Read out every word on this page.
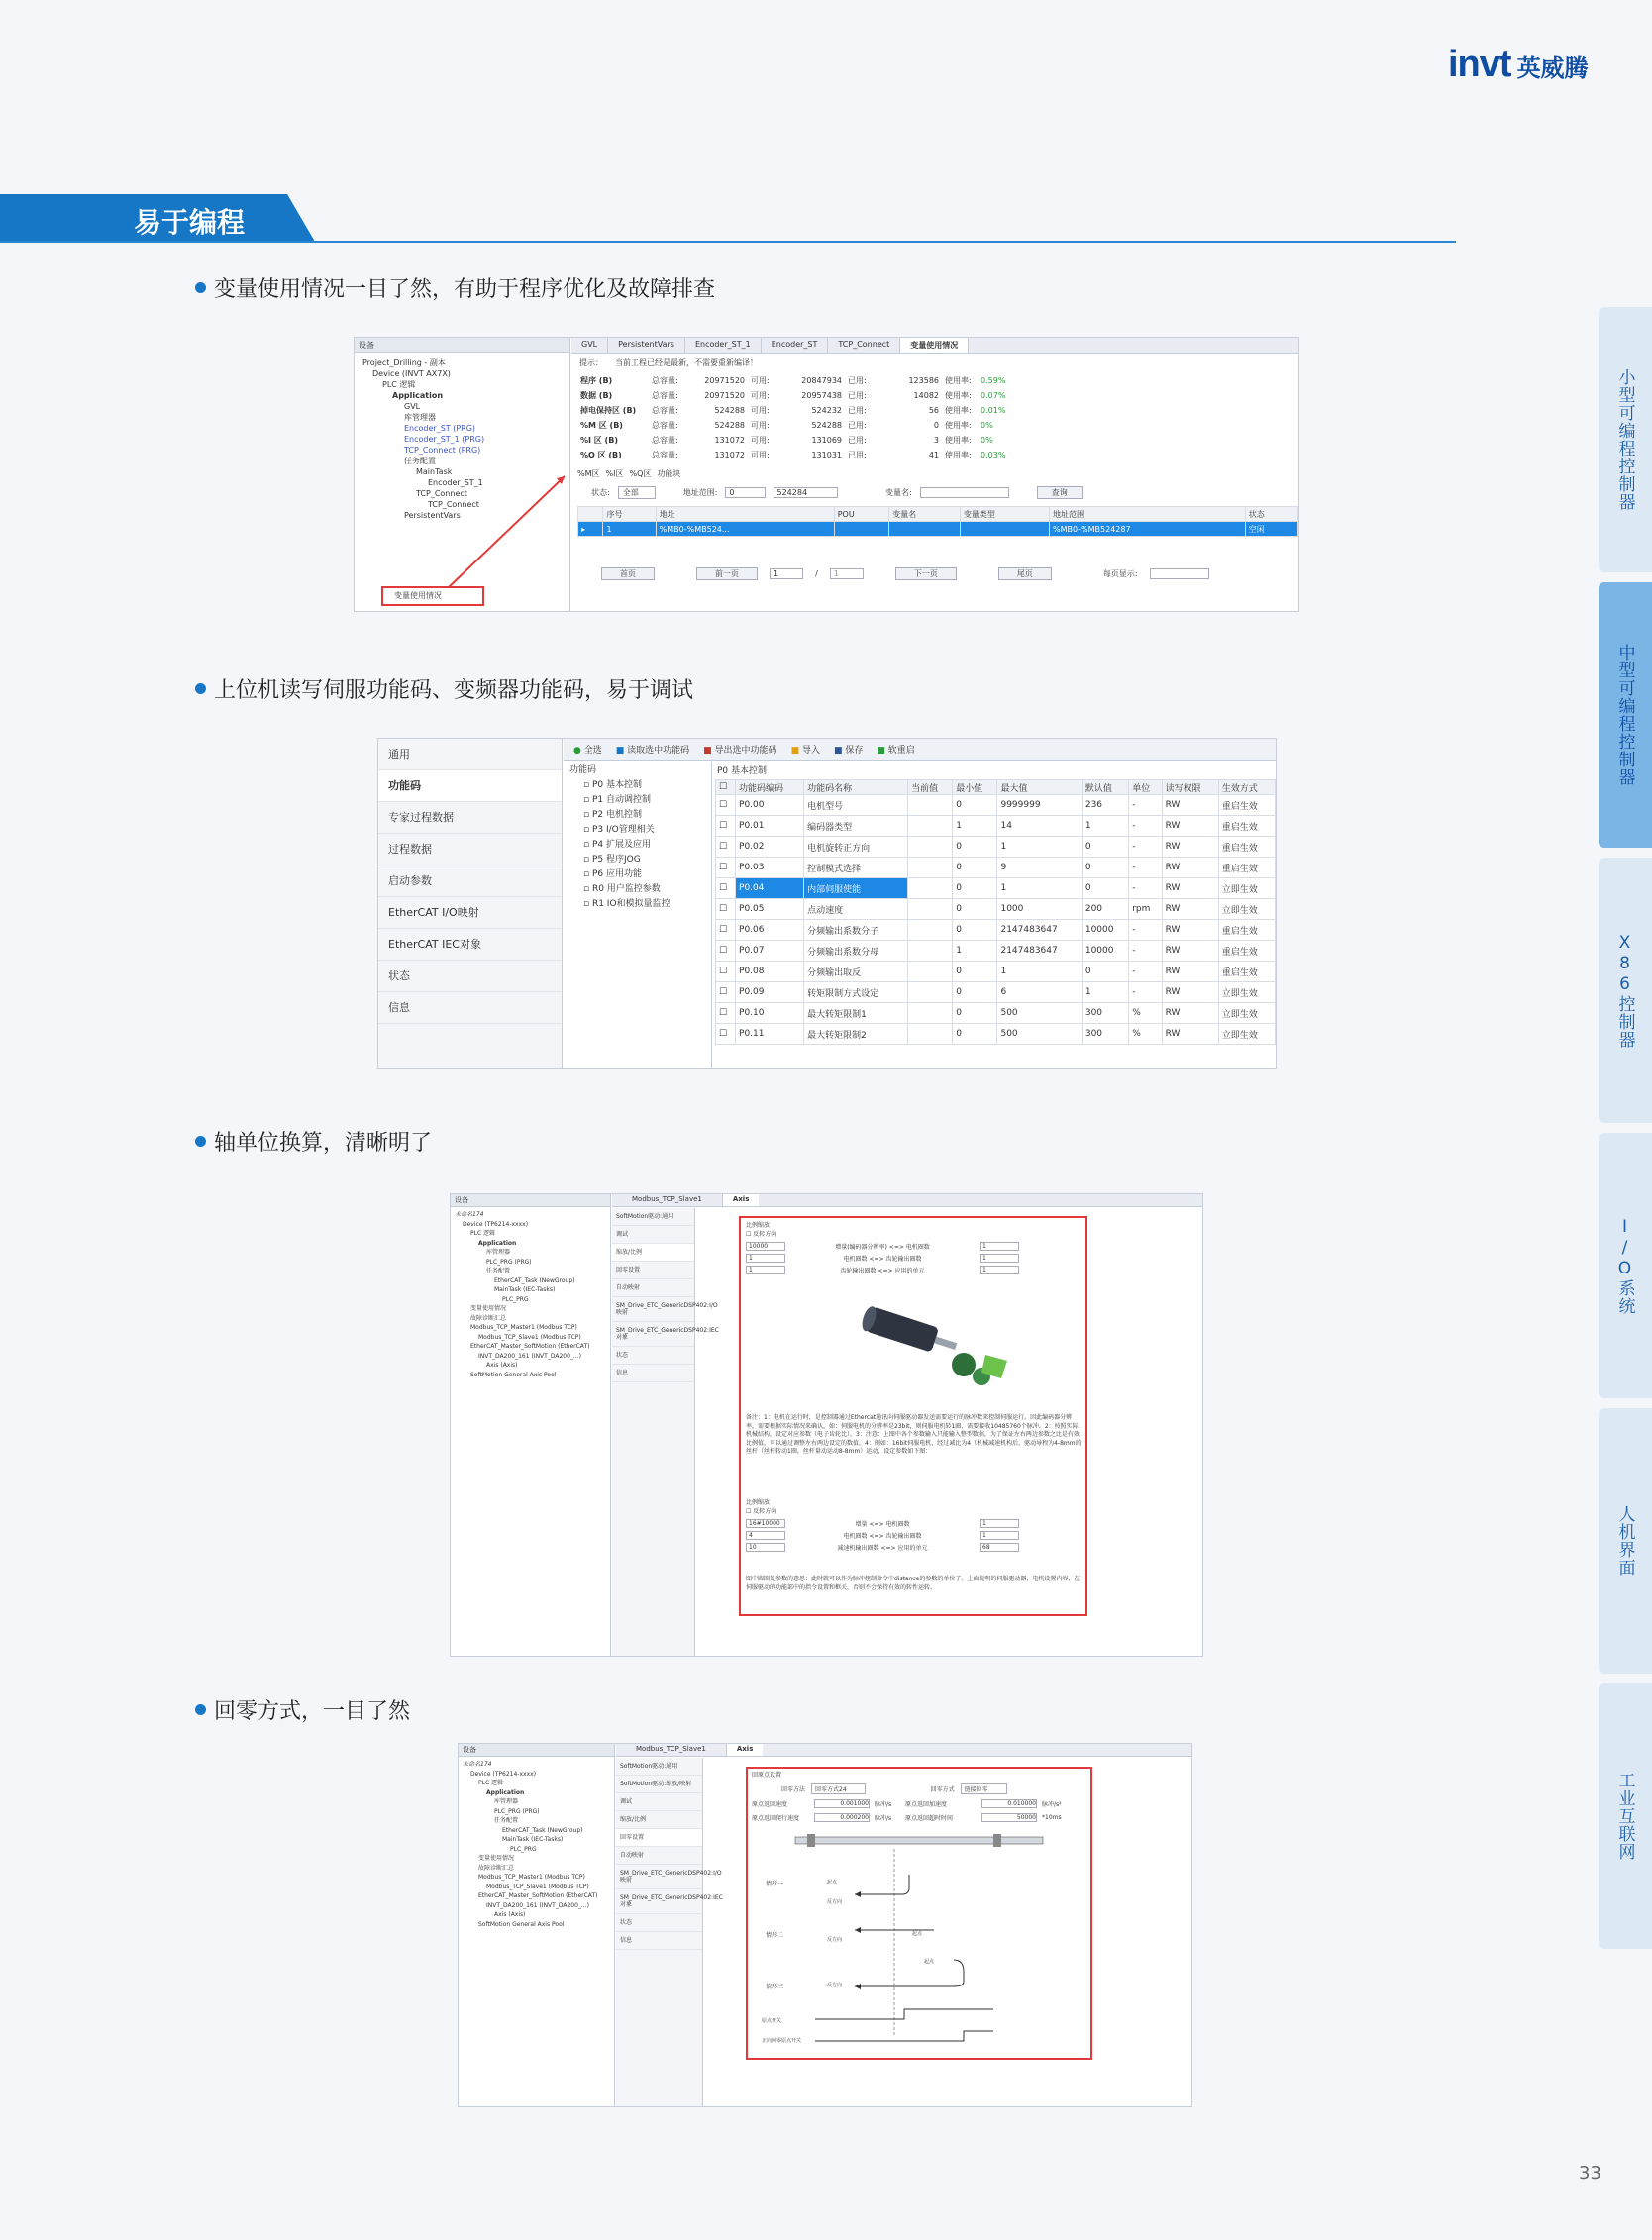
invt 英威腾
易于编程
变量使用情况一目了然，有助于程序优化及故障排查
上位机读写伺服功能码、变频器功能码，易于调试
轴单位换算，清晰明了
回零方式，一目了然
设备
Project_Drilling - 副本
Device (INVT AX7X)
PLC 逻辑
Application
GVL
库管理器
Encoder_ST (PRG)
Encoder_ST_1 (PRG)
TCP_Connect (PRG)
任务配置
MainTask
Encoder_ST_1
TCP_Connect
TCP_Connect
PersistentVars
变量使用情况
GVL	PersistentVars	Encoder_ST_1	Encoder_ST	TCP_Connect	变量使用情况
提示： 当前工程已经是最新，不需要重新编译！
程序 (B)	总容量:	20971520	可用:	20847934	已用:	123586	使用率:	0.59%
数据 (B)	总容量:	20971520	可用:	20957438	已用:	14082	使用率:	0.07%
掉电保持区 (B)	总容量:	524288	可用:	524232	已用:	56	使用率:	0.01%
%M 区 (B)	总容量:	524288	可用:	524288	已用:	0	使用率:	0%
%I 区 (B)	总容量:	131072	可用:	131069	已用:	3	使用率:	0%
%Q 区 (B)	总容量:	131072	可用:	131031	已用:	41	使用率:	0.03%
%M区 %I区 %Q区 功能块
状态:	全部	地址范围:	0	524284	变量名:	查询
	序号	地址	POU	变量名	变量类型	地址范围	状态
▸	1	%MB0-%MB524...				%MB0-%MB524287	空闲
首页	前一页	1	/	1	下一页	尾页	每页显示:
通用
功能码
专家过程数据
过程数据
启动参数
EtherCAT I/O映射
EtherCAT IEC对象
状态
信息
● 全选 ■ 读取选中功能码 ■ 导出选中功能码 ■ 导入 ■ 保存 ■ 软重启
功能码
▫ P0 基本控制
▫ P1 自动调控制
▫ P2 电机控制
▫ P3 I/O管理相关
▫ P4 扩展及应用
▫ P5 程序JOG
▫ P6 应用功能
▫ R0 用户监控参数
▫ R1 IO和模拟量监控
P0 基本控制
☐	功能码编码	功能码名称	当前值	最小值	最大值	默认值	单位	读写权限	生效方式
☐	P0.00	电机型号		0	9999999	236	-	RW	重启生效
☐	P0.01	编码器类型		1	14	1	-	RW	重启生效
☐	P0.02	电机旋转正方向		0	1	0	-	RW	重启生效
☐	P0.03	控制模式选择		0	9	0	-	RW	重启生效
☐	P0.04	内部伺服使能		0	1	0	-	RW	立即生效
☐	P0.05	点动速度		0	1000	200	rpm	RW	立即生效
☐	P0.06	分频输出系数分子		0	2147483647	10000	-	RW	重启生效
☐	P0.07	分频输出系数分母		1	2147483647	10000	-	RW	重启生效
☐	P0.08	分频输出取反		0	1	0	-	RW	重启生效
☐	P0.09	转矩限制方式设定		0	6	1	-	RW	立即生效
☐	P0.10	最大转矩限制1		0	500	300	%	RW	立即生效
☐	P0.11	最大转矩限制2		0	500	300	%	RW	立即生效
设备
未命名174
Device (TP6214-xxxx)
PLC 逻辑
Application
库管理器
PLC_PRG (PRG)
任务配置
EtherCAT_Task (NewGroup)
MainTask (IEC-Tasks)
PLC_PRG
变量使用情况
故障诊断汇总
Modbus_TCP_Master1 (Modbus TCP)
Modbus_TCP_Slave1 (Modbus TCP)
EtherCAT_Master_SoftMotion (EtherCAT)
INVT_DA200_161 (INVT_DA200_...)
Axis (Axis)
SoftMotion General Axis Pool
Modbus_TCP_Slave1	Axis
SoftMotion驱动:通用
调试
缩放/比例
回零设置
自动映射
SM_Drive_ETC_GenericDSP402:I/O映射
SM_Drive_ETC_GenericDSP402:IEC对象
状态
信息
比例缩放
☐ 反转方向
10000	增量(编码器分辨率) <=> 电机圈数	1
1	电机圈数 <=> 齿轮输出圈数	1
1	齿轮输出圈数 <=> 应用的单元	1
备注：1：电机在运行时，是控制器通过Ethercat通讯向伺服驱动器发送需要运行的脉冲数来控制伺服运行。因此编码器分辨率，需要根据实际情况来确认，如：伺服电机的分辨率是23bit，则伺服电机转1圈，需要接收10485760个脉冲。2：按照实际机械结构，设定对应参数（电子齿轮比）。3：注意：上图中各个参数输入只能输入整型数据，为了保证左右两边参数之比是有效比例值，可以通过调整左右两边设定的数值。4：例如：16bit伺服电机，经过减比为4（机械减速机构后，驱动导程为4-8mm的丝杆（丝杆转动1圈，丝杆量动运动8-8mm）运动，设定参数如下图：
比例缩放
☐ 反转方向
16#10000	增量 <=> 电机圈数	1
4	电机圈数 <=> 齿轮输出圈数	1
10	减速机输出圈数 <=> 应用的单元	68
图中圆圈处参数的意思：此时就可以作为脉冲控制命令中distance的参数的单位了。上面说明的伺服驱动器，电机设置内容，在伺服驱动的功能部中的指令设置和框关，否则不会保持有效的转性运转。
设备
未命名174
Device (TP6214-xxxx)
PLC 逻辑
Application
库管理器
PLC_PRG (PRG)
任务配置
EtherCAT_Task (NewGroup)
MainTask (IEC-Tasks)
PLC_PRG
变量使用情况
故障诊断汇总
Modbus_TCP_Master1 (Modbus TCP)
Modbus_TCP_Slave1 (Modbus TCP)
EtherCAT_Master_SoftMotion (EtherCAT)
INVT_DA200_161 (INVT_DA200_...)
Axis (Axis)
SoftMotion General Axis Pool
Modbus_TCP_Slave1	Axis
SoftMotion驱动:通用
SoftMotion驱动:缩放/映射
调试
缩放/比例
回零设置
自动映射
SM_Drive_ETC_GenericDSP402:I/O映射
SM_Drive_ETC_GenericDSP402:IEC对象
状态
信息
回原点设置
回零方法	回零方式24	回零方式	链接回零
原点返回速度	0.001000 脉冲/s	原点返回加速度	0.010000 脉冲/s²
原点返回爬行速度	0.000200 脉冲/s	原点返回超时时间	50000 *10ms
情形一
情形二
情形三
起点
反方向
起点
反方向
起点
反方向
原点开关
正向回零原点开关
小型可编程控制器
中型可编程控制器
X86控制器
I/O系统
人机界面
工业互联网
33
